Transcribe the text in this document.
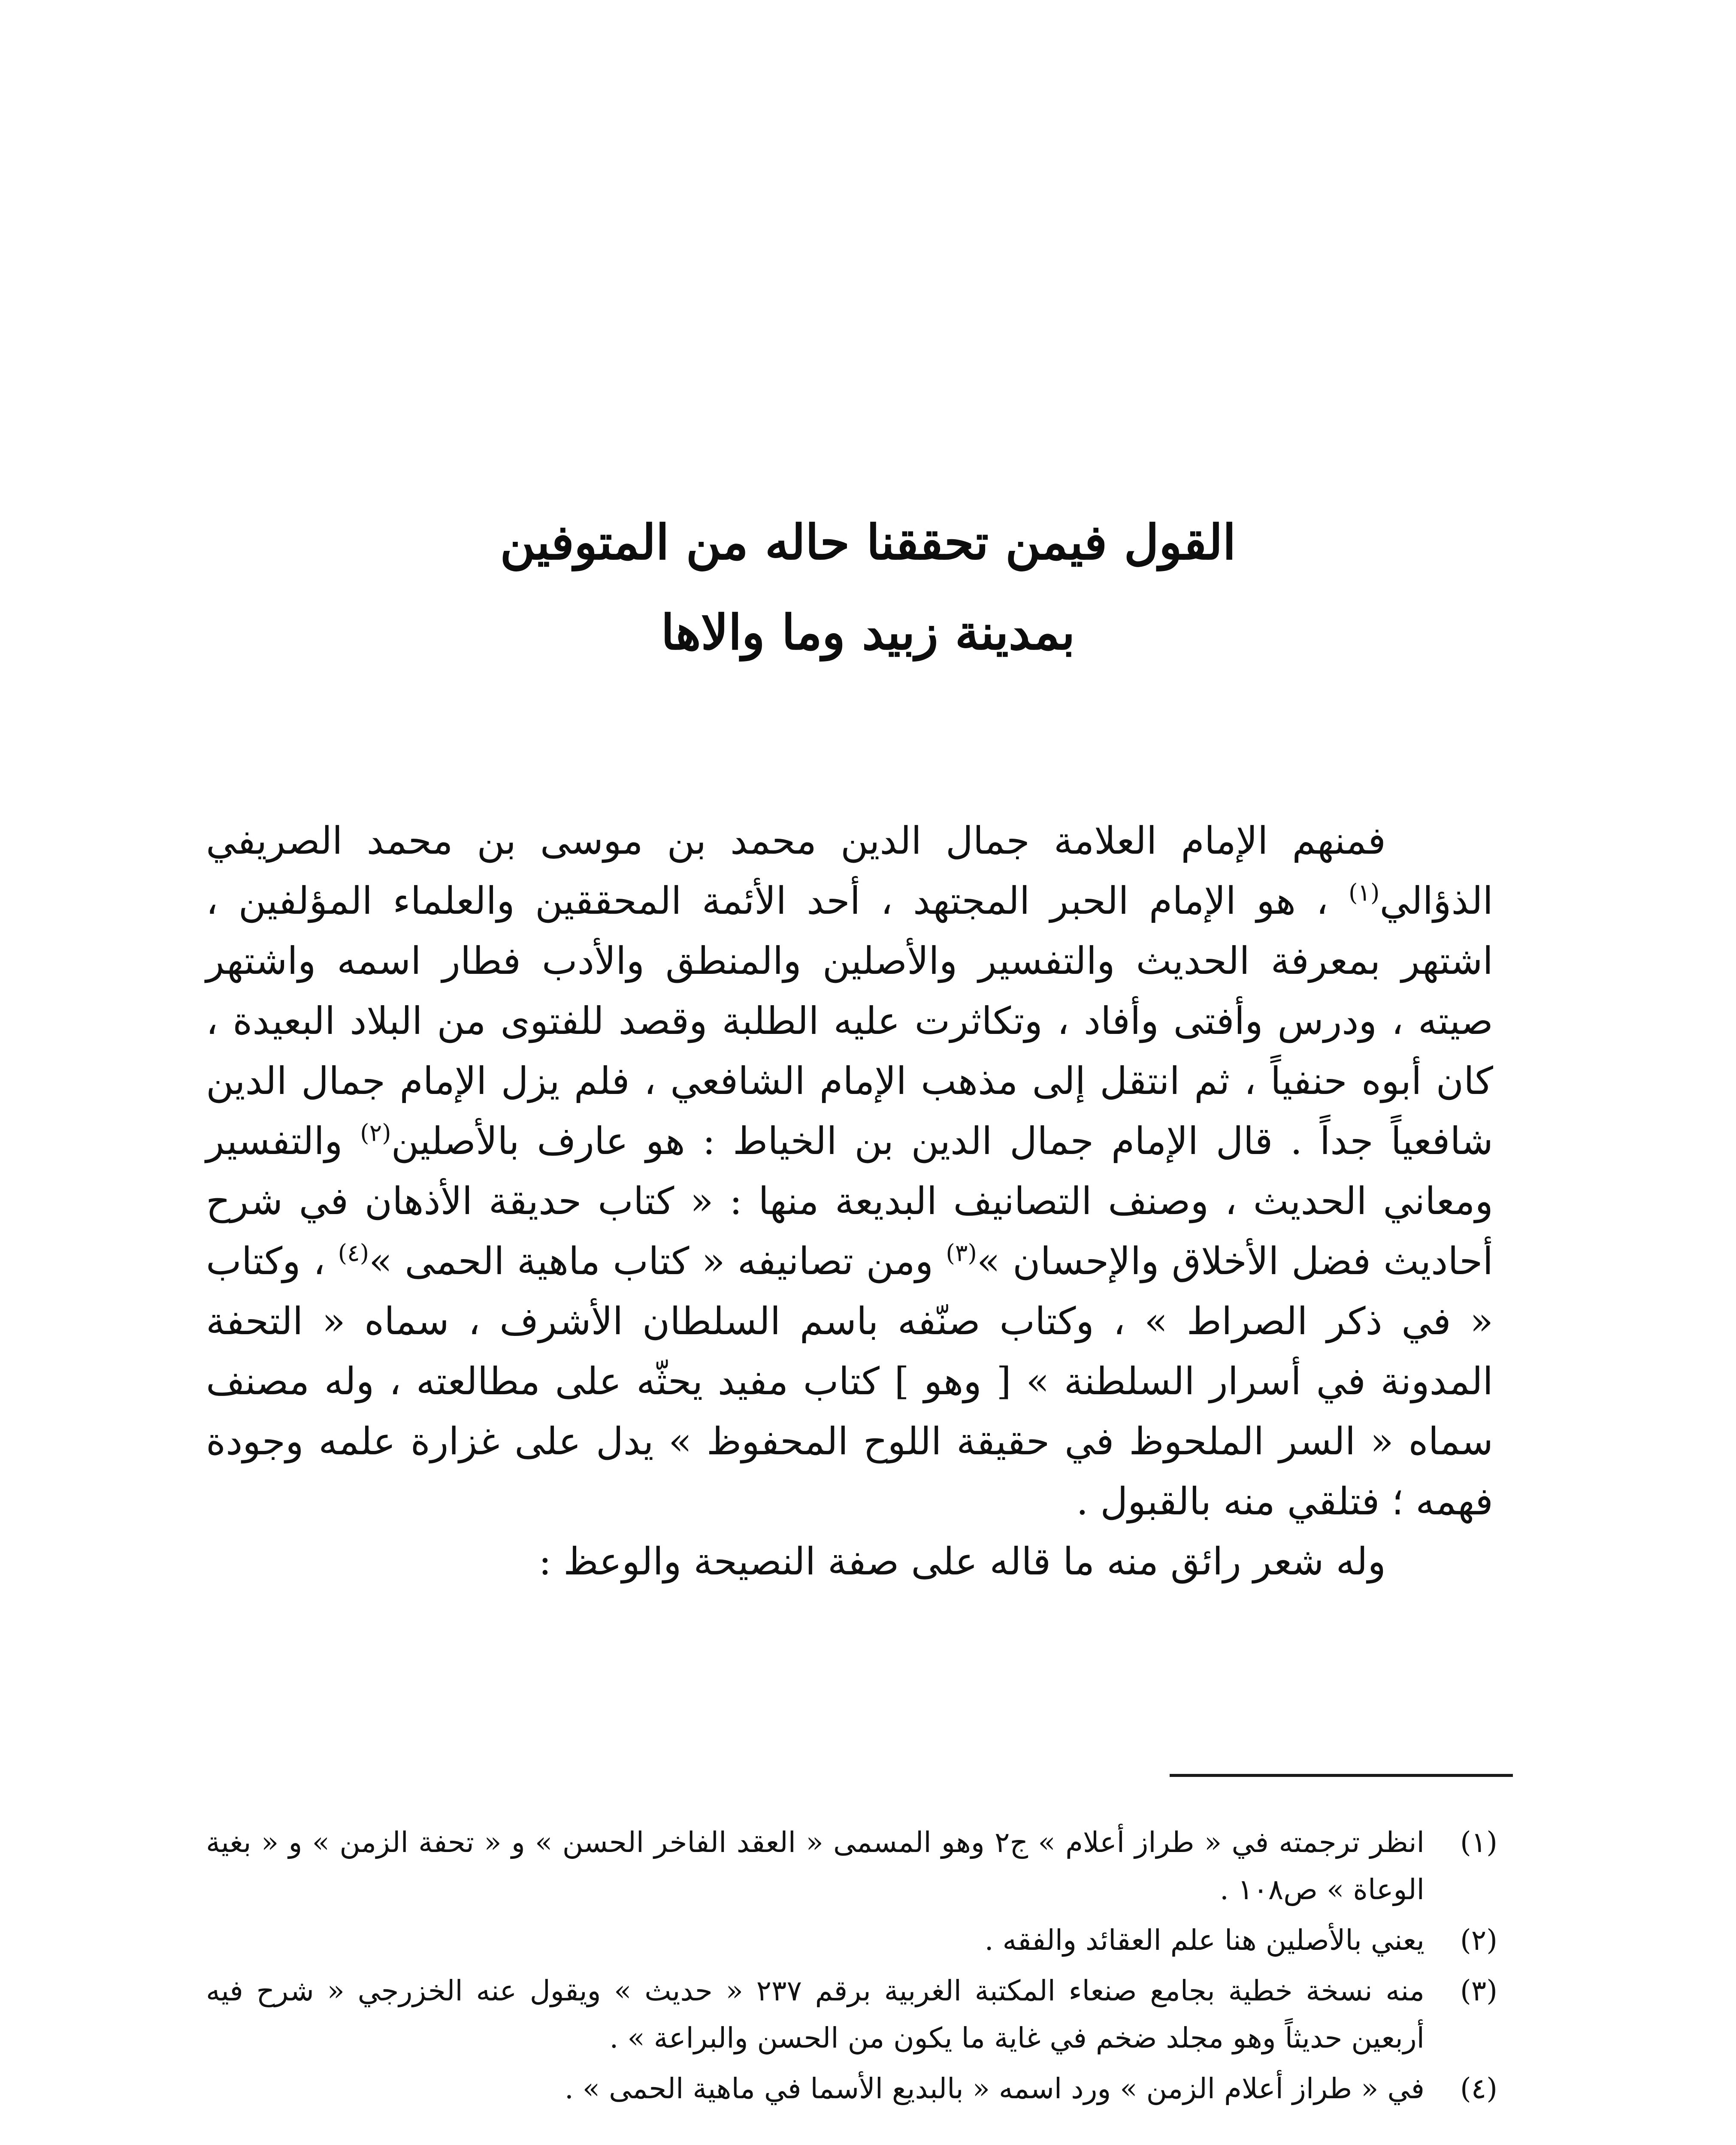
القول فيمن تحققنا حاله من المتوفين
بمدينة زبيد وما والاها

فمنهم الإمام العلامة جمال الدين محمد بن موسى بن محمد الصريفي الذؤالي$^{(١)}$ ، هو الإمام الحبر المجتهد ، أحد الأئمة المحققين والعلماء المؤلفين ، اشتهر بمعرفة الحديث والتفسير والأصلين والمنطق والأدب فطار اسمه واشتهر صيته ، ودرس وأفتى وأفاد ، وتكاثرت عليه الطلبة وقصد للفتوى من البلاد البعيدة ، كان أبوه حنفياً ، ثم انتقل إلى مذهب الإمام الشافعي ، فلم يزل الإمام جمال الدين شافعياً جداً . قال الإمام جمال الدين بن الخياط : هو عارف بالأصلين$^{(٢)}$ والتفسير ومعاني الحديث ، وصنف التصانيف البديعة منها : « كتاب حديقة الأذهان في شرح أحاديث فضل الأخلاق والإحسان »$^{(٣)}$ ومن تصانيفه « كتاب ماهية الحمى »$^{(٤)}$ ، وكتاب « في ذكر الصراط » ، وكتاب صنّفه باسم السلطان الأشرف ، سماه « التحفة المدونة في أسرار السلطنة » [ وهو ] كتاب مفيد يحثّه على مطالعته ، وله مصنف سماه « السر الملحوظ في حقيقة اللوح المحفوظ » يدل على غزارة علمه وجودة فهمه ؛ فتلقي منه بالقبول .

وله شعر رائق منه ما قاله على صفة النصيحة والوعظ :

(١)
انظر ترجمته في « طراز أعلام » ج٢ وهو المسمى « العقد الفاخر الحسن » و « تحفة الزمن » و « بغية الوعاة » ص١٠٨ .
(٢)
يعني بالأصلين هنا علم العقائد والفقه .
(٣)
منه نسخة خطية بجامع صنعاء المكتبة الغربية برقم ٢٣٧ « حديث » ويقول عنه الخزرجي « شرح فيه أربعين حديثاً وهو مجلد ضخم في غاية ما يكون من الحسن والبراعة » .
(٤)
في « طراز أعلام الزمن » ورد اسمه « بالبديع الأسما في ماهية الحمى » .
